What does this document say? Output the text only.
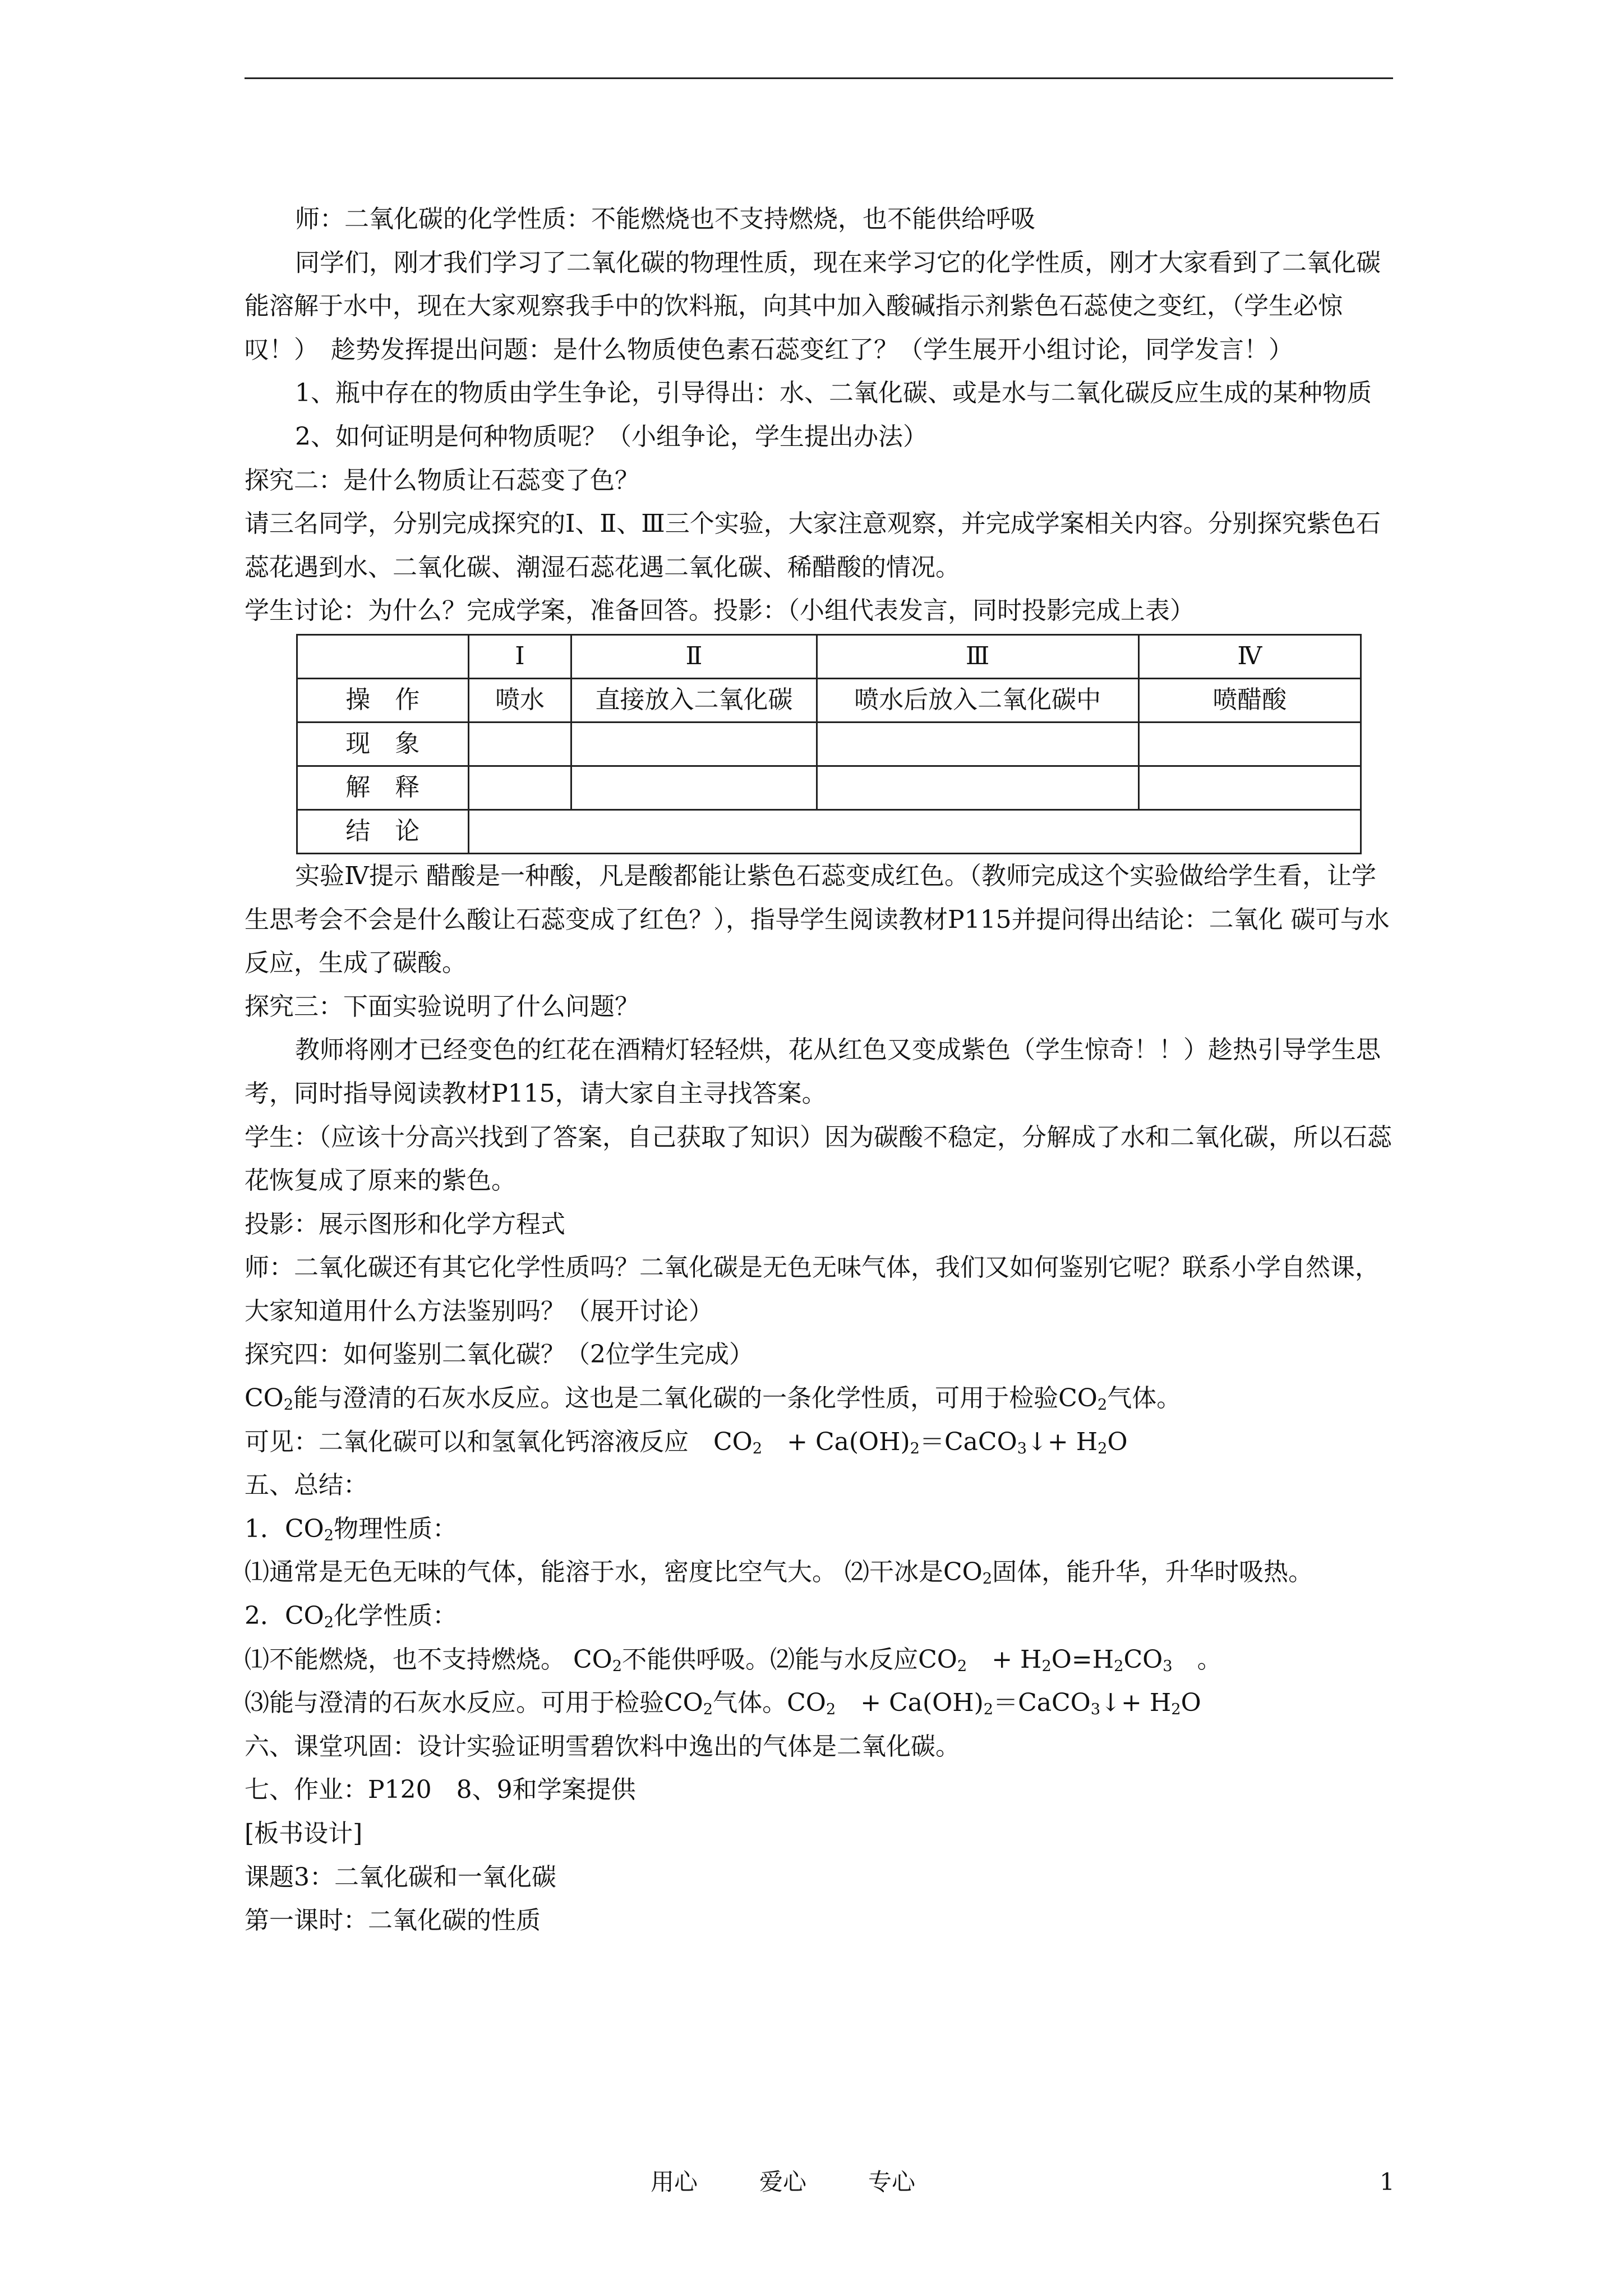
师：二氧化碳的化学性质：不能燃烧也不支持燃烧，也不能供给呼吸

同学们，刚才我们学习了二氧化碳的物理性质，现在来学习它的化学性质，刚才大家看到了二氧化碳能溶解于水中，现在大家观察我手中的饮料瓶，向其中加入酸碱指示剂紫色石蕊使之变红，（学生必惊叹！）　趁势发挥提出问题：是什么物质使色素石蕊变红了？（学生展开小组讨论，同学发言！）

1、瓶中存在的物质由学生争论，引导得出：水、二氧化碳、或是水与二氧化碳反应生成的某种物质

2、如何证明是何种物质呢？（小组争论，学生提出办法）

探究二：是什么物质让石蕊变了色？

请三名同学，分别完成探究的Ⅰ、Ⅱ、Ⅲ三个实验，大家注意观察，并完成学案相关内容。分别探究紫色石蕊花遇到水、二氧化碳、潮湿石蕊花遇二氧化碳、稀醋酸的情况。

学生讨论：为什么？完成学案，准备回答。投影：（小组代表发言，同时投影完成上表）

	Ⅰ	Ⅱ	Ⅲ	Ⅳ
操　作	喷水	直接放入二氧化碳	喷水后放入二氧化碳中	喷醋酸
现　象				
解　释				
结　论				

实验Ⅳ提示 醋酸是一种酸，凡是酸都能让紫色石蕊变成红色。（教师完成这个实验做给学生看，让学生思考会不会是什么酸让石蕊变成了红色？），指导学生阅读教材P115并提问得出结论：二氧化 碳可与水反应，生成了碳酸。

探究三：下面实验说明了什么问题？

教师将刚才已经变色的红花在酒精灯轻轻烘，花从红色又变成紫色（学生惊奇！！）趁热引导学生思考，同时指导阅读教材P115，请大家自主寻找答案。

学生：（应该十分高兴找到了答案，自己获取了知识）因为碳酸不稳定，分解成了水和二氧化碳，所以石蕊花恢复成了原来的紫色。

投影：展示图形和化学方程式

师：二氧化碳还有其它化学性质吗？二氧化碳是无色无味气体，我们又如何鉴别它呢？联系小学自然课，大家知道用什么方法鉴别吗？（展开讨论）

探究四：如何鉴别二氧化碳？（2位学生完成）

$CO_2$能与澄清的石灰水反应。这也是二氧化碳的一条化学性质，可用于检验$CO_2$气体。

可见：二氧化碳可以和氢氧化钙溶液反应　$CO_2$　+ $Ca(OH)_2=CaCO_3↓+ H_2O$

五、总结：

1．$CO_2$物理性质：

⑴通常是无色无味的气体，能溶于水，密度比空气大。 ⑵干冰是$CO_2$固体，能升华，升华时吸热。

2．$CO_2$化学性质：

⑴不能燃烧，也不支持燃烧。 $CO_2$不能供呼吸。⑵能与水反应$CO_2$　+ $H_2O=H_2CO_3$　。

⑶能与澄清的石灰水反应。可用于检验$CO_2$气体。$CO_2$　+ $Ca(OH)_2=CaCO_3↓+ H_2O$

六、课堂巩固：设计实验证明雪碧饮料中逸出的气体是二氧化碳。

七、作业：P120　8、9和学案提供

[板书设计]

课题3：二氧化碳和一氧化碳

第一课时：二氧化碳的性质

用心	爱心	专心	1
